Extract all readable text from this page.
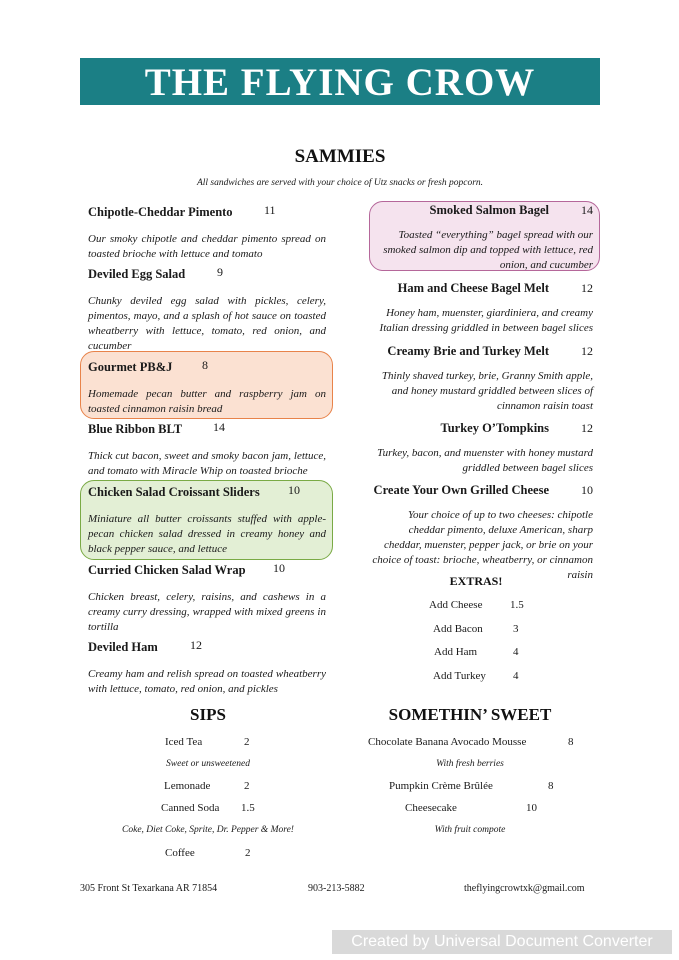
THE FLYING CROW
SAMMIES
All sandwiches are served with your choice of Utz snacks or fresh popcorn.
Chipotle-Cheddar Pimento	11
Our smoky chipotle and cheddar pimento spread on toasted brioche with lettuce and tomato
Deviled Egg Salad	9
Chunky deviled egg salad with pickles, celery, pimentos, mayo, and a splash of hot sauce on toasted wheatberry with lettuce, tomato, red onion, and cucumber
Gourmet PB&J 8
Homemade pecan butter and raspberry jam on toasted cinnamon raisin bread
Blue Ribbon BLT	14
Thick cut bacon, sweet and smoky bacon jam, lettuce, and tomato with Miracle Whip on toasted brioche
Chicken Salad Croissant Sliders 10
Miniature all butter croissants stuffed with apple-pecan chicken salad dressed in creamy honey and black pepper sauce, and lettuce
Curried Chicken Salad Wrap 10
Chicken breast, celery, raisins, and cashews in a creamy curry dressing, wrapped with mixed greens in tortilla
Deviled Ham	12
Creamy ham and relish spread on toasted wheatberry with lettuce, tomato, red onion, and pickles
Smoked Salmon Bagel	14
Toasted “everything” bagel spread with our smoked salmon dip and topped with lettuce, red onion, and cucumber
Ham and Cheese Bagel Melt	12
Honey ham, muenster, giardiniera, and creamy Italian dressing griddled in between bagel slices
Creamy Brie and Turkey Melt	12
Thinly shaved turkey, brie, Granny Smith apple, and honey mustard griddled between slices of cinnamon raisin toast
Turkey O’Tompkins	12
Turkey, bacon, and muenster with honey mustard griddled between bagel slices
Create Your Own Grilled Cheese	10
Your choice of up to two cheeses: chipotle cheddar pimento, deluxe American, sharp cheddar, muenster, pepper jack, or brie on your choice of toast: brioche, wheatberry, or cinnamon raisin
EXTRAS!
Add Cheese	1.5
Add Bacon	3
Add Ham	4
Add Turkey 4
SIPS
Iced Tea	2
Sweet or unsweetened
Lemonade	2
Canned Soda 1.5
Coke, Diet Coke, Sprite, Dr. Pepper & More!
Coffee	2
SOMETHIN’ SWEET
Chocolate Banana Avocado Mousse	8
With fresh berries
Pumpkin Crème Brûlée	8
Cheesecake	10
With fruit compote
305 Front St Texarkana AR 71854	903-213-5882	theflyingcrowtxk@gmail.com
Created by Universal Document Converter
